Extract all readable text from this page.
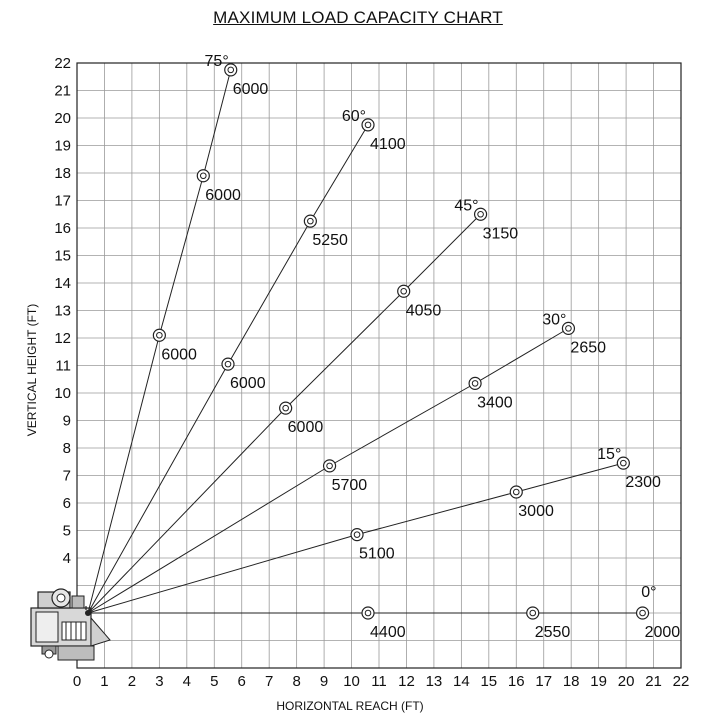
MAXIMUM LOAD CAPACITY CHART
0 1 2 3 4 5 6 7 8 9 10 11 12 13 14 15 16 17 18 19 20 21 22
4
5
6
7
8
9
10
11
12
13
14
15
16
17
18
19
20
21
22
6000
6000
6000
75°
6000
5250
4100
60°
6000
4050
3150
45°
5700
3400
2650
30°
5100
3000
2300
15°
4400	2550	2000
0°
HORIZONTAL REACH (FT)
VERTICAL HEIGHT (FT)
